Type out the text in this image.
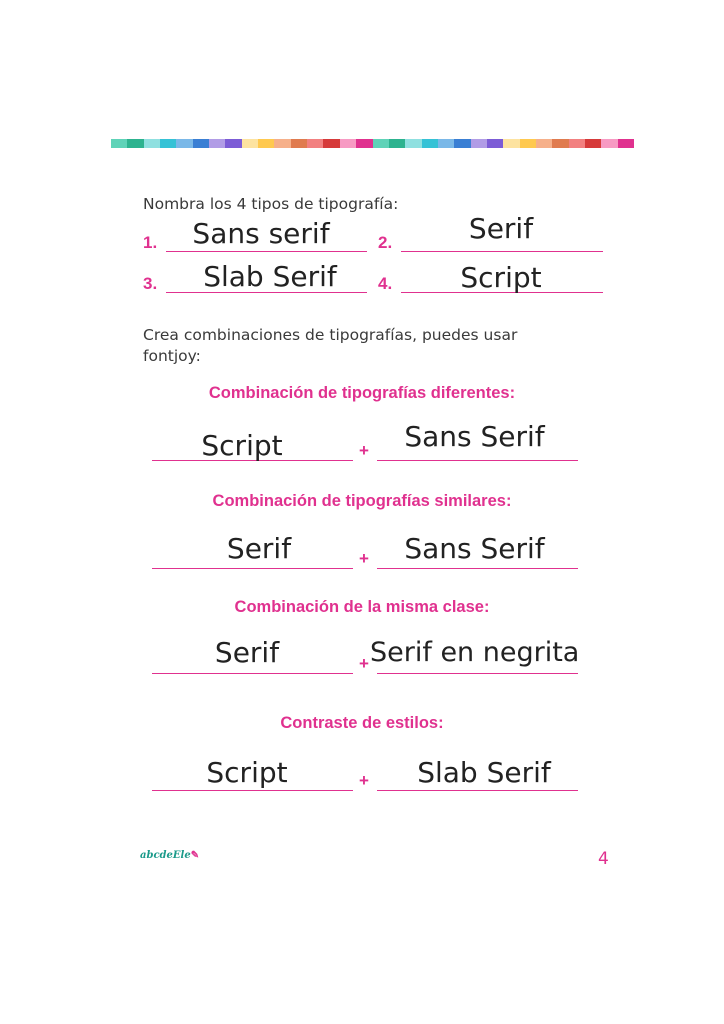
Nombra los 4 tipos de tipografía:
1.	Sans serif	2.	Serif
3.	Slab Serif	4.	Script
Crea combinaciones de tipografías, puedes usar
fontjoy:
Combinación de tipografías diferentes:
Script	+	Sans Serif
Combinación de tipografías similares:
Serif	+	Sans Serif
Combinación de la misma clase:
Serif	+ Serif en negrita
Contraste de estilos:
Script	+	Slab Serif
abcdeEle✎	4
